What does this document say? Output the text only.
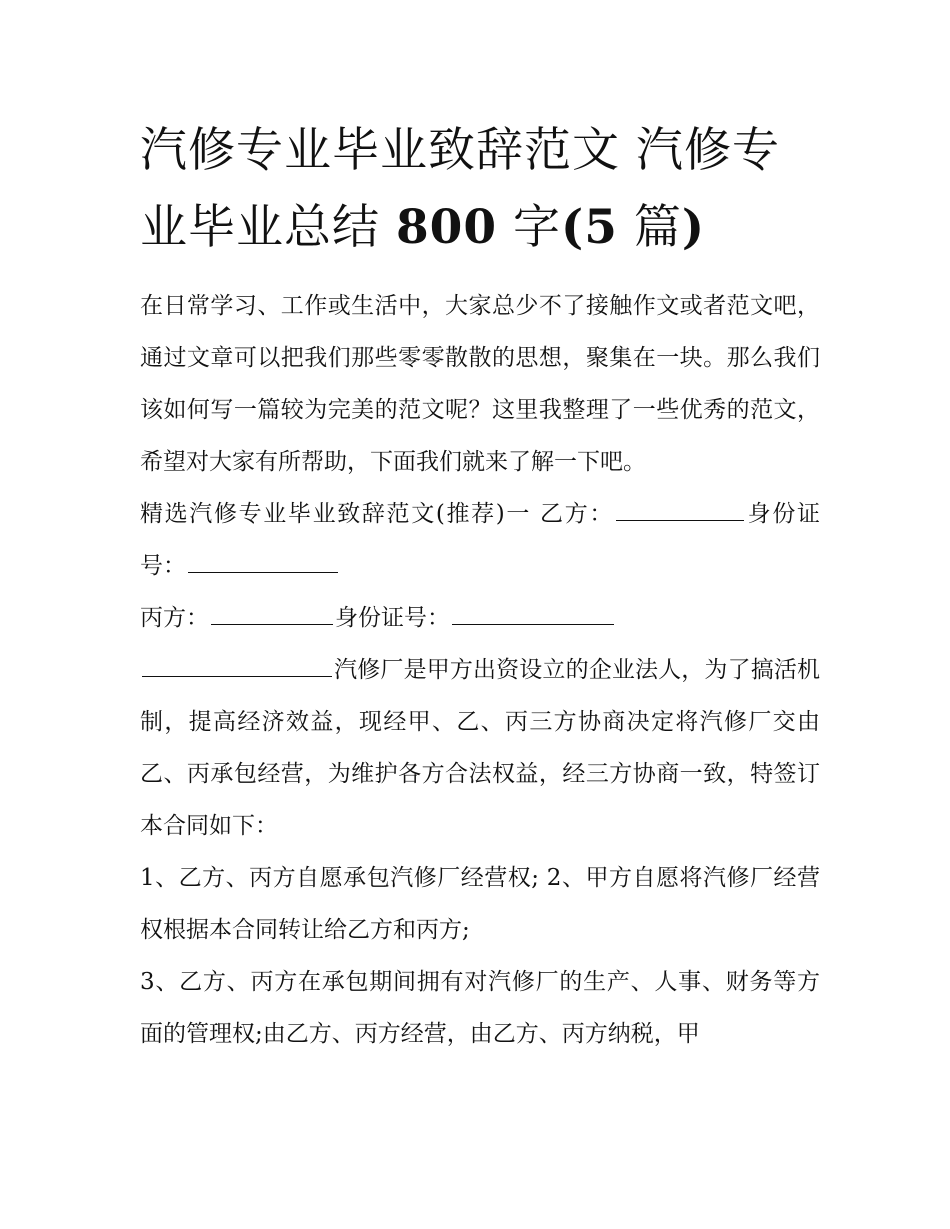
汽修专业毕业致辞范文 汽修专业毕业总结 800 字(5 篇)

在日常学习、工作或生活中，大家总少不了接触作文或者范文吧，通过文章可以把我们那些零零散散的思想，聚集在一块。那么我们该如何写一篇较为完美的范文呢？这里我整理了一些优秀的范文，希望对大家有所帮助，下面我们就来了解一下吧。

精选汽修专业毕业致辞范文(推荐)一 乙方：	身份证号：

丙方：	身份证号：

汽修厂是甲方出资设立的企业法人，为了搞活机制，提高经济效益，现经甲、乙、丙三方协商决定将汽修厂交由乙、丙承包经营，为维护各方合法权益，经三方协商一致，特签订本合同如下：

1、乙方、丙方自愿承包汽修厂经营权; 2、甲方自愿将汽修厂经营权根据本合同转让给乙方和丙方;

3、乙方、丙方在承包期间拥有对汽修厂的生产、人事、财务等方面的管理权;由乙方、丙方经营，由乙方、丙方纳税，甲
